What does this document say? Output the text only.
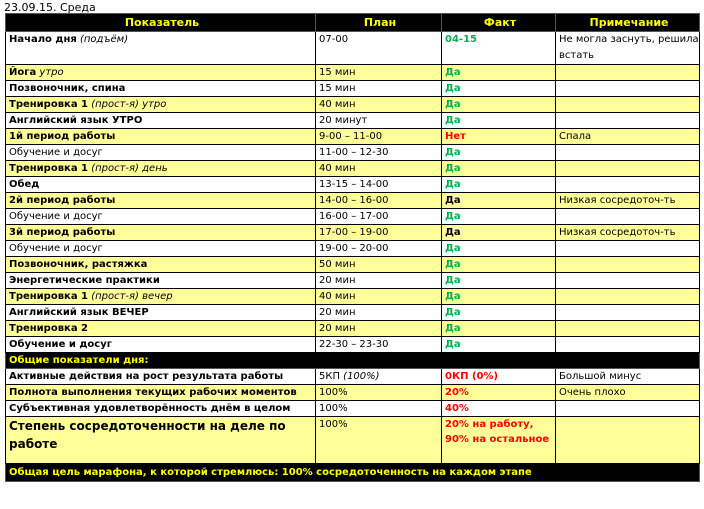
23.09.15. Среда
Показатель	План	Факт	Примечание
Начало дня (подъём)	07-00	04-15	Не могла заснуть, решила встать
Йога утро	15 мин	Да	
Позвоночник, спина	15 мин	Да	
Тренировка 1 (прост-я) утро	40 мин	Да	
Английский язык УТРО	20 минут	Да	
1й период работы	9-00 – 11-00	Нет	Спала
Обучение и досуг	11-00 – 12-30	Да	
Тренировка 1 (прост-я) день	40 мин	Да	
Обед	13-15 – 14-00	Да	
2й период работы	14-00 – 16-00	Да	Низкая сосредоточ-ть
Обучение и досуг	16-00 – 17-00	Да	
3й период работы	17-00 – 19-00	Да	Низкая сосредоточ-ть
Обучение и досуг	19-00 – 20-00	Да	
Позвоночник, растяжка	50 мин	Да	
Энергетические практики	20 мин	Да	
Тренировка 1 (прост-я) вечер	40 мин	Да	
Английский язык ВЕЧЕР	20 мин	Да	
Тренировка 2	20 мин	Да	
Обучение и досуг	22-30 – 23-30	Да	
Общие показатели дня:			
Активные действия на рост результата работы	5КП (100%)	0КП (0%)	Большой минус
Полнота выполнения текущих рабочих моментов	100%	20%	Очень плохо
Субъективная удовлетворённость днём в целом	100%	40%	
Степень сосредоточенности на деле по работе	100%	20% на работу, 90% на остальное	
Общая цель марафона, к которой стремлюсь: 100% сосредоточенность на каждом этапе			
